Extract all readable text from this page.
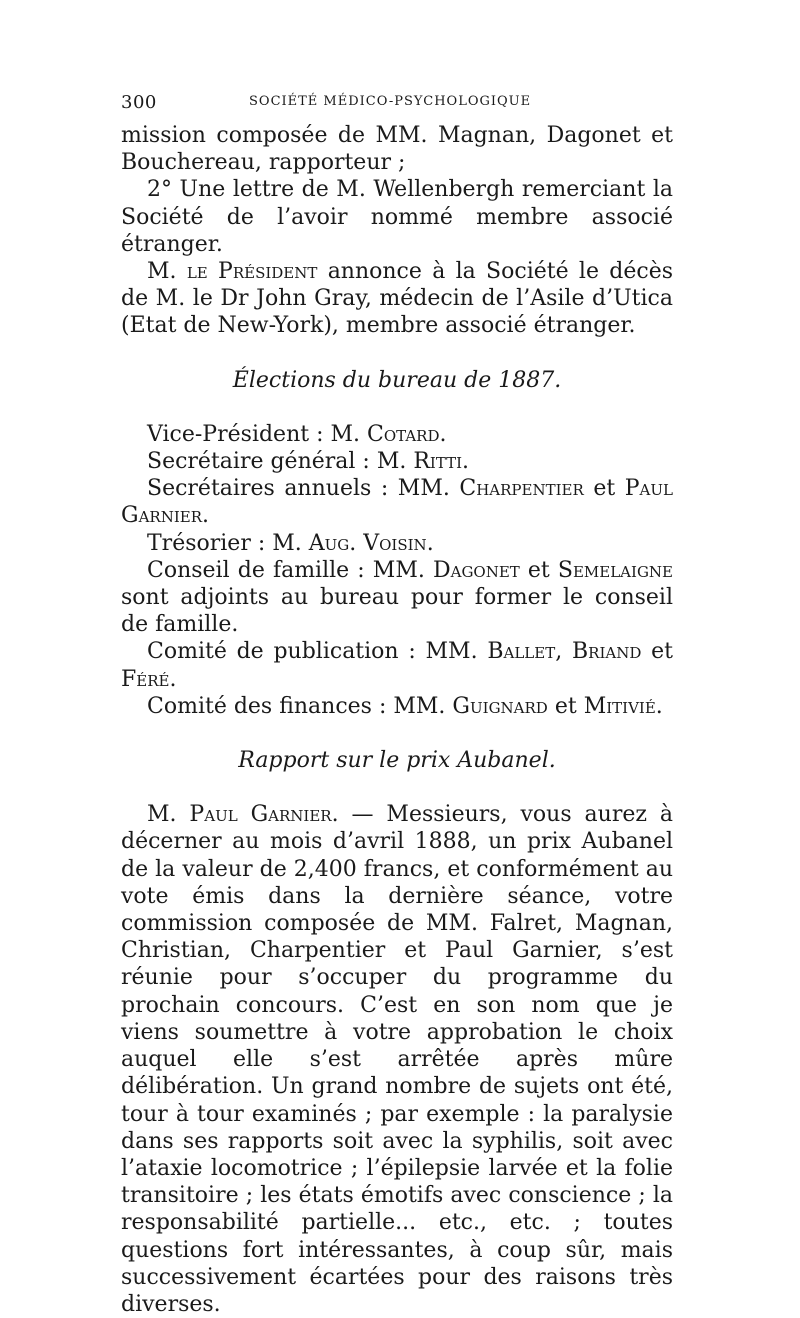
300	SOCIÉTÉ MÉDICO-PSYCHOLOGIQUE

mission composée de MM. Magnan, Dagonet et Bouchereau, rapporteur ;

2° Une lettre de M. Wellenbergh remerciant la Société de l’avoir nommé membre associé étranger.

M. le Président annonce à la Société le décès de M. le Dr John Gray, médecin de l’Asile d’Utica (Etat de New-York), membre associé étranger.

Élections du bureau de 1887.

Vice-Président : M. Cotard.

Secrétaire général : M. Ritti.

Secrétaires annuels : MM. Charpentier et Paul Garnier.

Trésorier : M. Aug. Voisin.

Conseil de famille : MM. Dagonet et Semelaigne sont adjoints au bureau pour former le conseil de famille.

Comité de publication : MM. Ballet, Briand et Féré.

Comité des finances : MM. Guignard et Mitivié.

Rapport sur le prix Aubanel.

M. Paul Garnier. — Messieurs, vous aurez à décerner au mois d’avril 1888, un prix Aubanel de la valeur de 2,400 francs, et conformément au vote émis dans la dernière séance, votre commission composée de MM. Falret, Magnan, Christian, Charpentier et Paul Garnier, s’est réunie pour s’occuper du programme du prochain concours. C’est en son nom que je viens soumettre à votre approbation le choix auquel elle s’est arrêtée après mûre délibération. Un grand nombre de sujets ont été, tour à tour examinés ; par exemple : la paralysie dans ses rapports soit avec la syphilis, soit avec l’ataxie locomotrice ; l’épilepsie larvée et la folie transitoire ; les états émotifs avec conscience ; la responsabilité partielle... etc., etc. ; toutes questions fort intéressantes, à coup sûr, mais successivement écartées pour des raisons très diverses.
